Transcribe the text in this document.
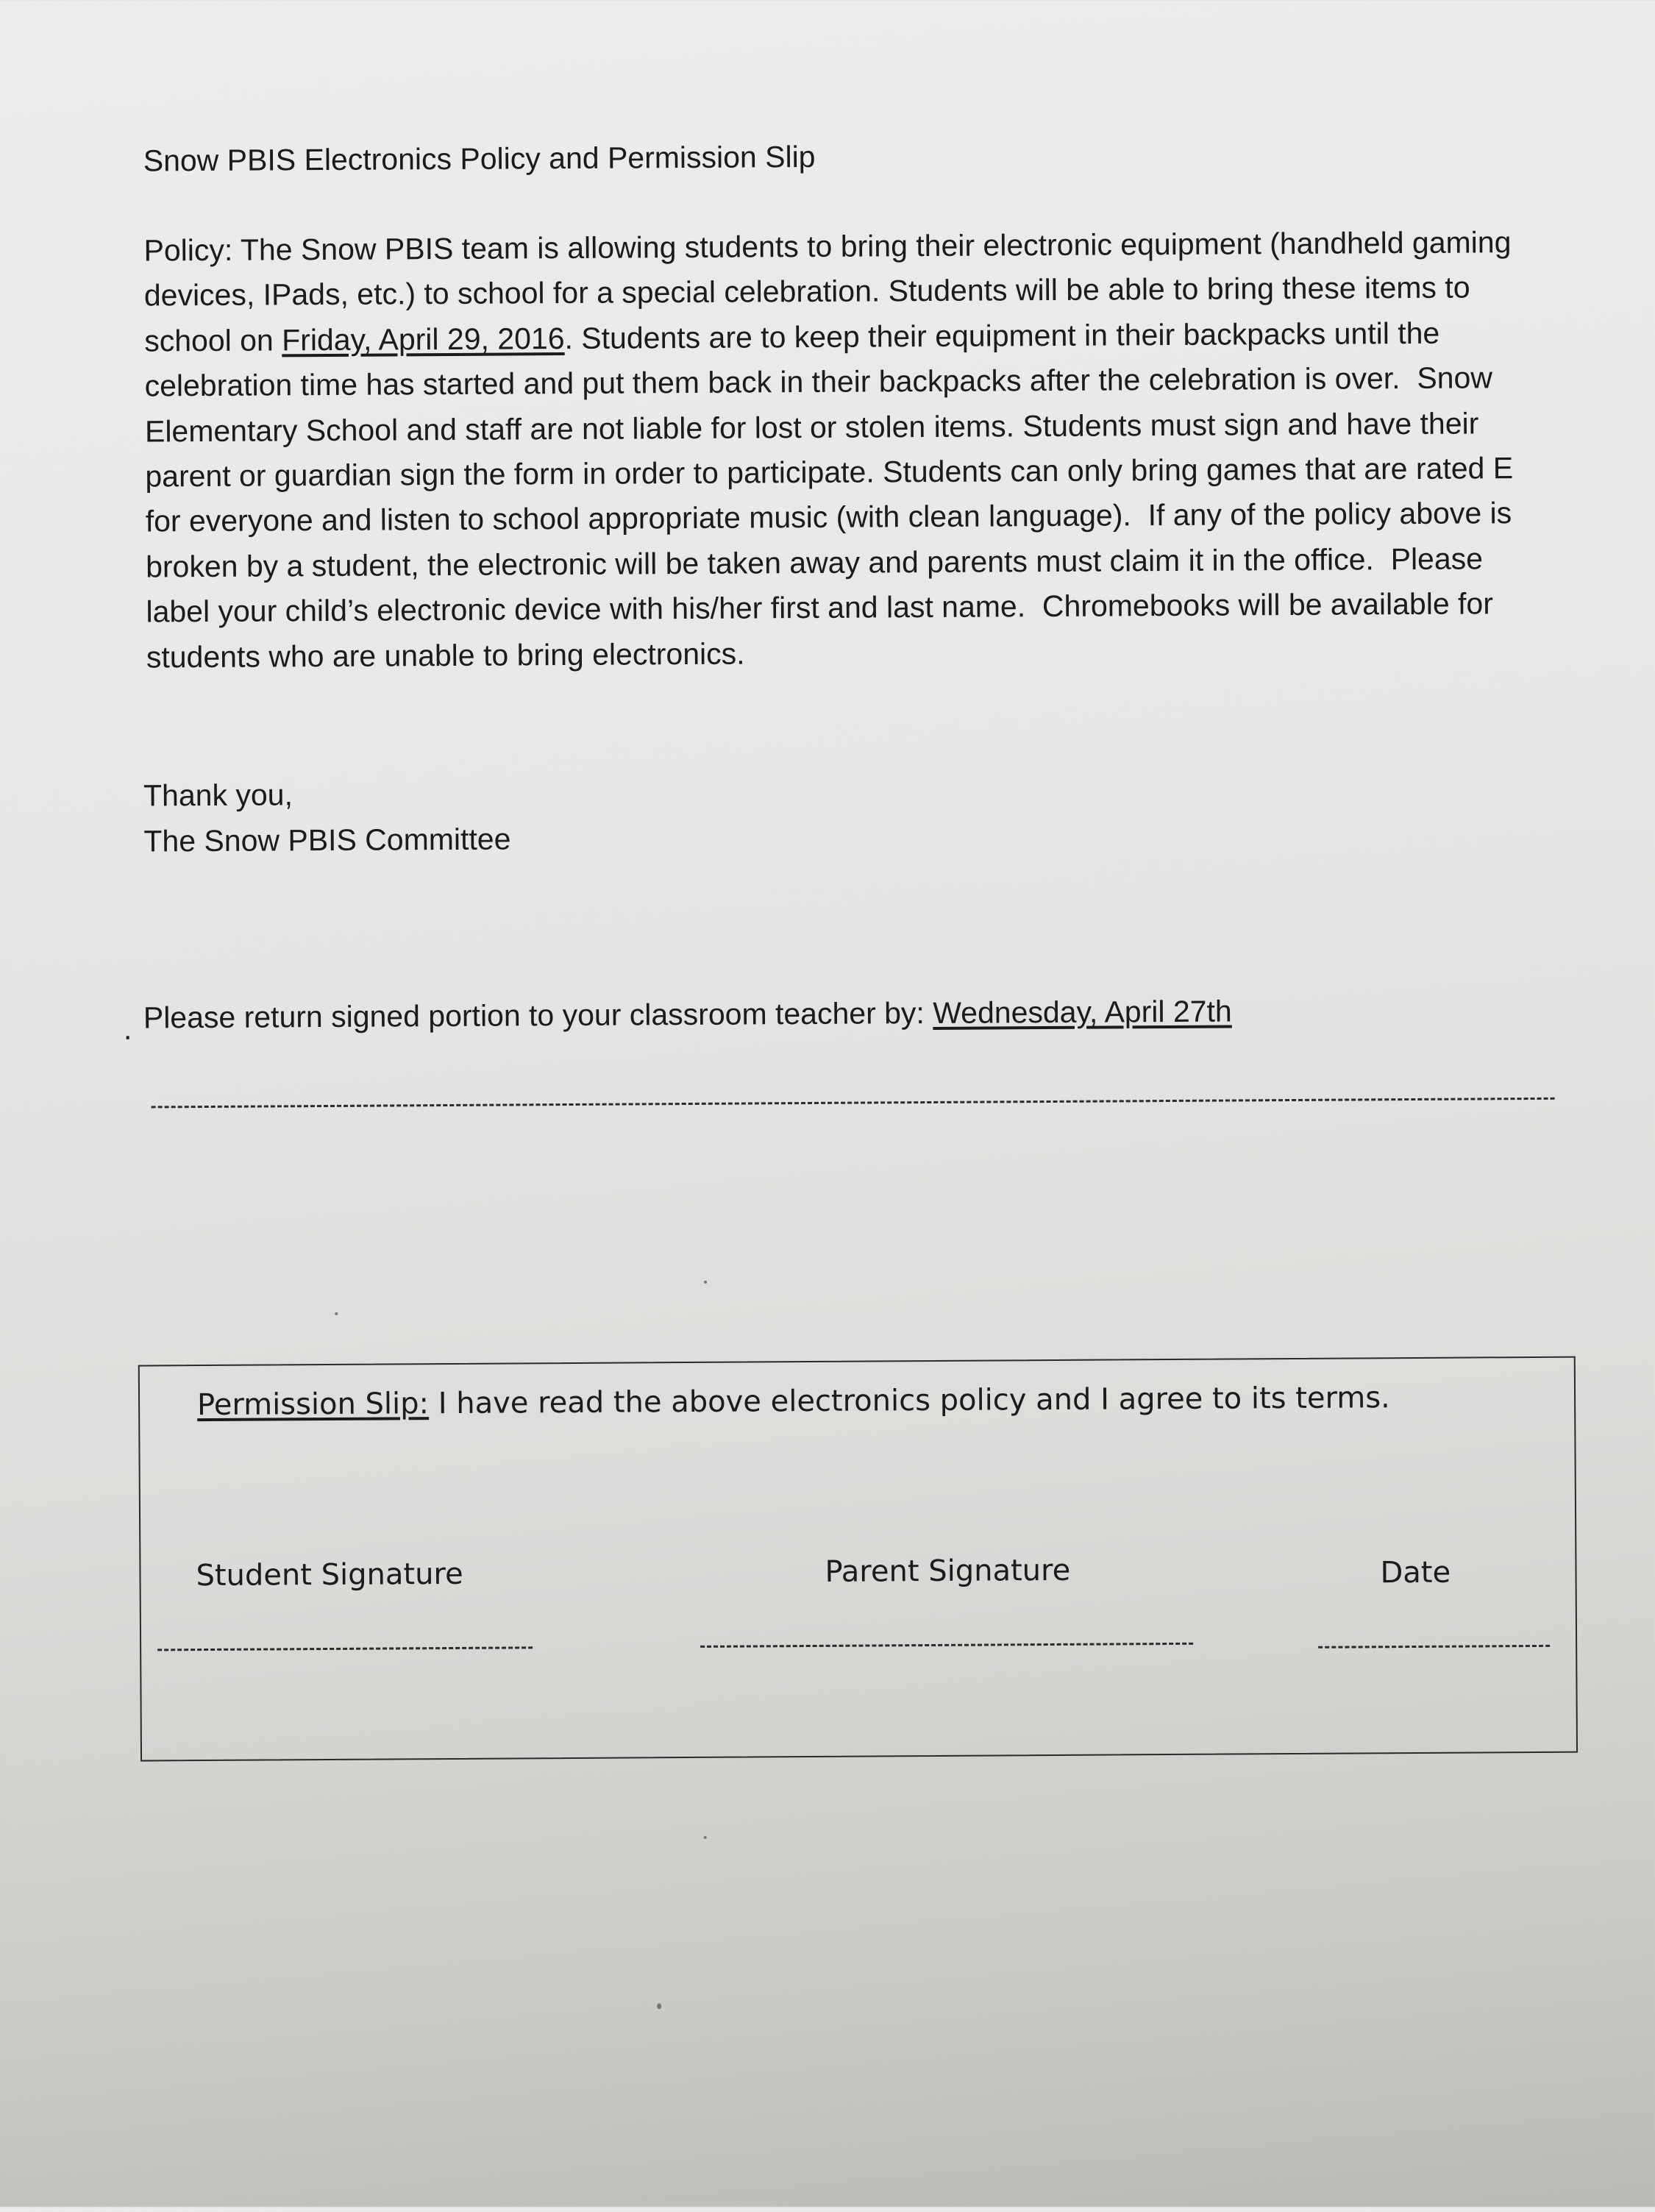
Snow PBIS Electronics Policy and Permission Slip

Policy: The Snow PBIS team is allowing students to bring their electronic equipment (handheld gaming devices, IPads, etc.) to school for a special celebration. Students will be able to bring these items to school on Friday, April 29, 2016. Students are to keep their equipment in their backpacks until the celebration time has started and put them back in their backpacks after the celebration is over.  Snow Elementary School and staff are not liable for lost or stolen items. Students must sign and have their parent or guardian sign the form in order to participate. Students can only bring games that are rated E for everyone and listen to school appropriate music (with clean language).  If any of the policy above is broken by a student, the electronic will be taken away and parents must claim it in the office.  Please label your child’s electronic device with his/her first and last name.  Chromebooks will be available for students who are unable to bring electronics.

Thank you,
The Snow PBIS Committee
. Please return signed portion to your classroom teacher by: Wednesday, April 27th
Permission Slip: I have read the above electronics policy and I agree to its terms.
Student Signature	Parent Signature	Date
